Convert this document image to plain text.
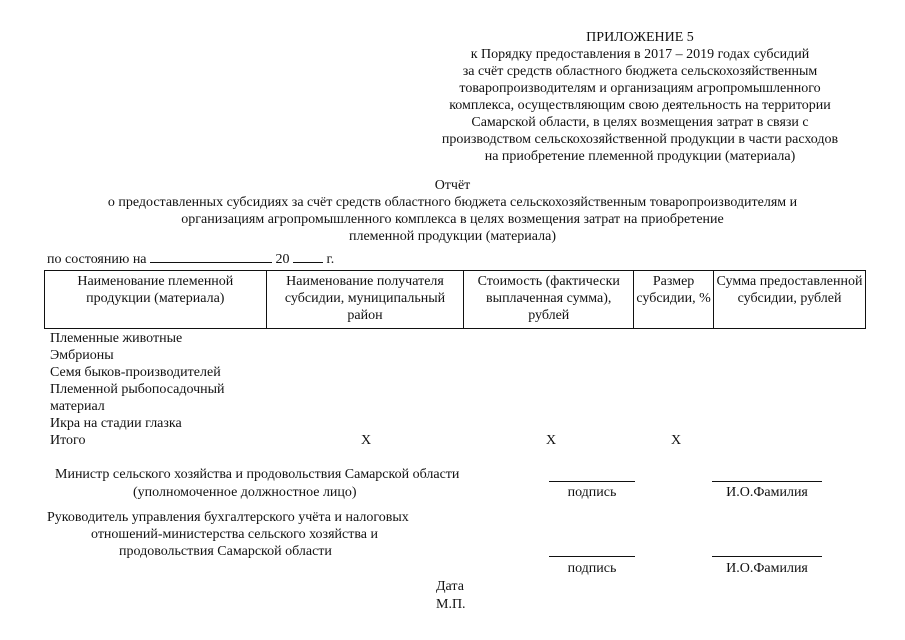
ПРИЛОЖЕНИЕ 5
к Порядку предоставления в 2017 – 2019 годах субсидий
за счёт средств областного бюджета сельскохозяйственным
товаропроизводителям и организациям агропромышленного
комплекса, осуществляющим свою деятельность на территории
Самарской области, в целях возмещения затрат в связи с
производством сельскохозяйственной продукции в части расходов
на приобретение племенной продукции (материала)
Отчёт
о предоставленных субсидиях за счёт средств областного бюджета сельскохозяйственным товаропроизводителям и
организациям агропромышленного комплекса в целях возмещения затрат на приобретение
племенной продукции (материала)
по состоянию на	20	г.
Наименование племенной продукции (материала)	Наименование получателя субсидии, муниципальный район	Стоимость (фактически выплаченная сумма), рублей	Размер субсидии, %	Сумма предоставленной субсидии, рублей
Племенные животные
Эмбрионы
Семя быков-производителей
Племенной рыбопосадочный
материал
Икра на стадии глазка
Итого	Х	Х	Х
Министр сельского хозяйства и продовольствия Самарской области
(уполномоченное должностное лицо)	подпись	И.О.Фамилия
Руководитель управления бухгалтерского учёта и налоговых
отношений-министерства сельского хозяйства и
продовольствия Самарской области
подпись	И.О.Фамилия
Дата
М.П.
